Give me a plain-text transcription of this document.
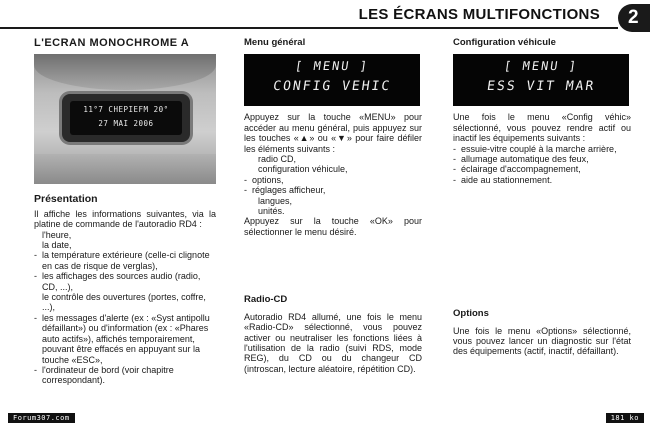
LES ÉCRANS MULTIFONCTIONS 2
L'ECRAN MONOCHROME A
11°7 CHEPIEFM 20°
27 MAI 2006
Présentation

Il affiche les informations suivantes, via la platine de commande de l'autoradio RD4 :

l'heure,
la date,
- la température extérieure (celle-ci clignote en cas de risque de verglas),
- les affichages des sources audio (radio, CD, ...),
le contrôle des ouvertures (portes, coffre, ...),
- les messages d'alerte (ex : «Syst antipollu défaillant») ou d'information (ex : «Phares auto actifs»), affichés temporairement, pouvant être effacés en appuyant sur la touche «ESC»,
- l'ordinateur de bord (voir chapitre correspondant).
Menu général
[ MENU ]
CONFIG VEHIC

Appuyez sur la touche «MENU» pour accéder au menu général, puis appuyez sur les touches «▲» ou «▼» pour faire défiler les éléments suivants :

radio CD,
configuration véhicule,
- options,
- réglages afficheur,
langues,
unités.

Appuyez sur la touche «OK» pour sélectionner le menu désiré.

Radio-CD

Autoradio RD4 allumé, une fois le menu «Radio-CD» sélectionné, vous pouvez activer ou neutraliser les fonctions liées à l'utilisation de la radio (suivi RDS, mode REG), du CD ou du changeur CD (introscan, lecture aléatoire, répétition CD).

Configuration véhicule
[ MENU ]
ESS VIT MAR

Une fois le menu «Config véhic» sélectionné, vous pouvez rendre actif ou inactif les équipements suivants :

- essuie-vitre couplé à la marche arrière,
- allumage automatique des feux,
- éclairage d'accompagnement,
- aide au stationnement.
Options

Une fois le menu «Options» sélectionné, vous pouvez lancer un diagnostic sur l'état des équipements (actif, inactif, défaillant).

Forum307.com	181 ko
